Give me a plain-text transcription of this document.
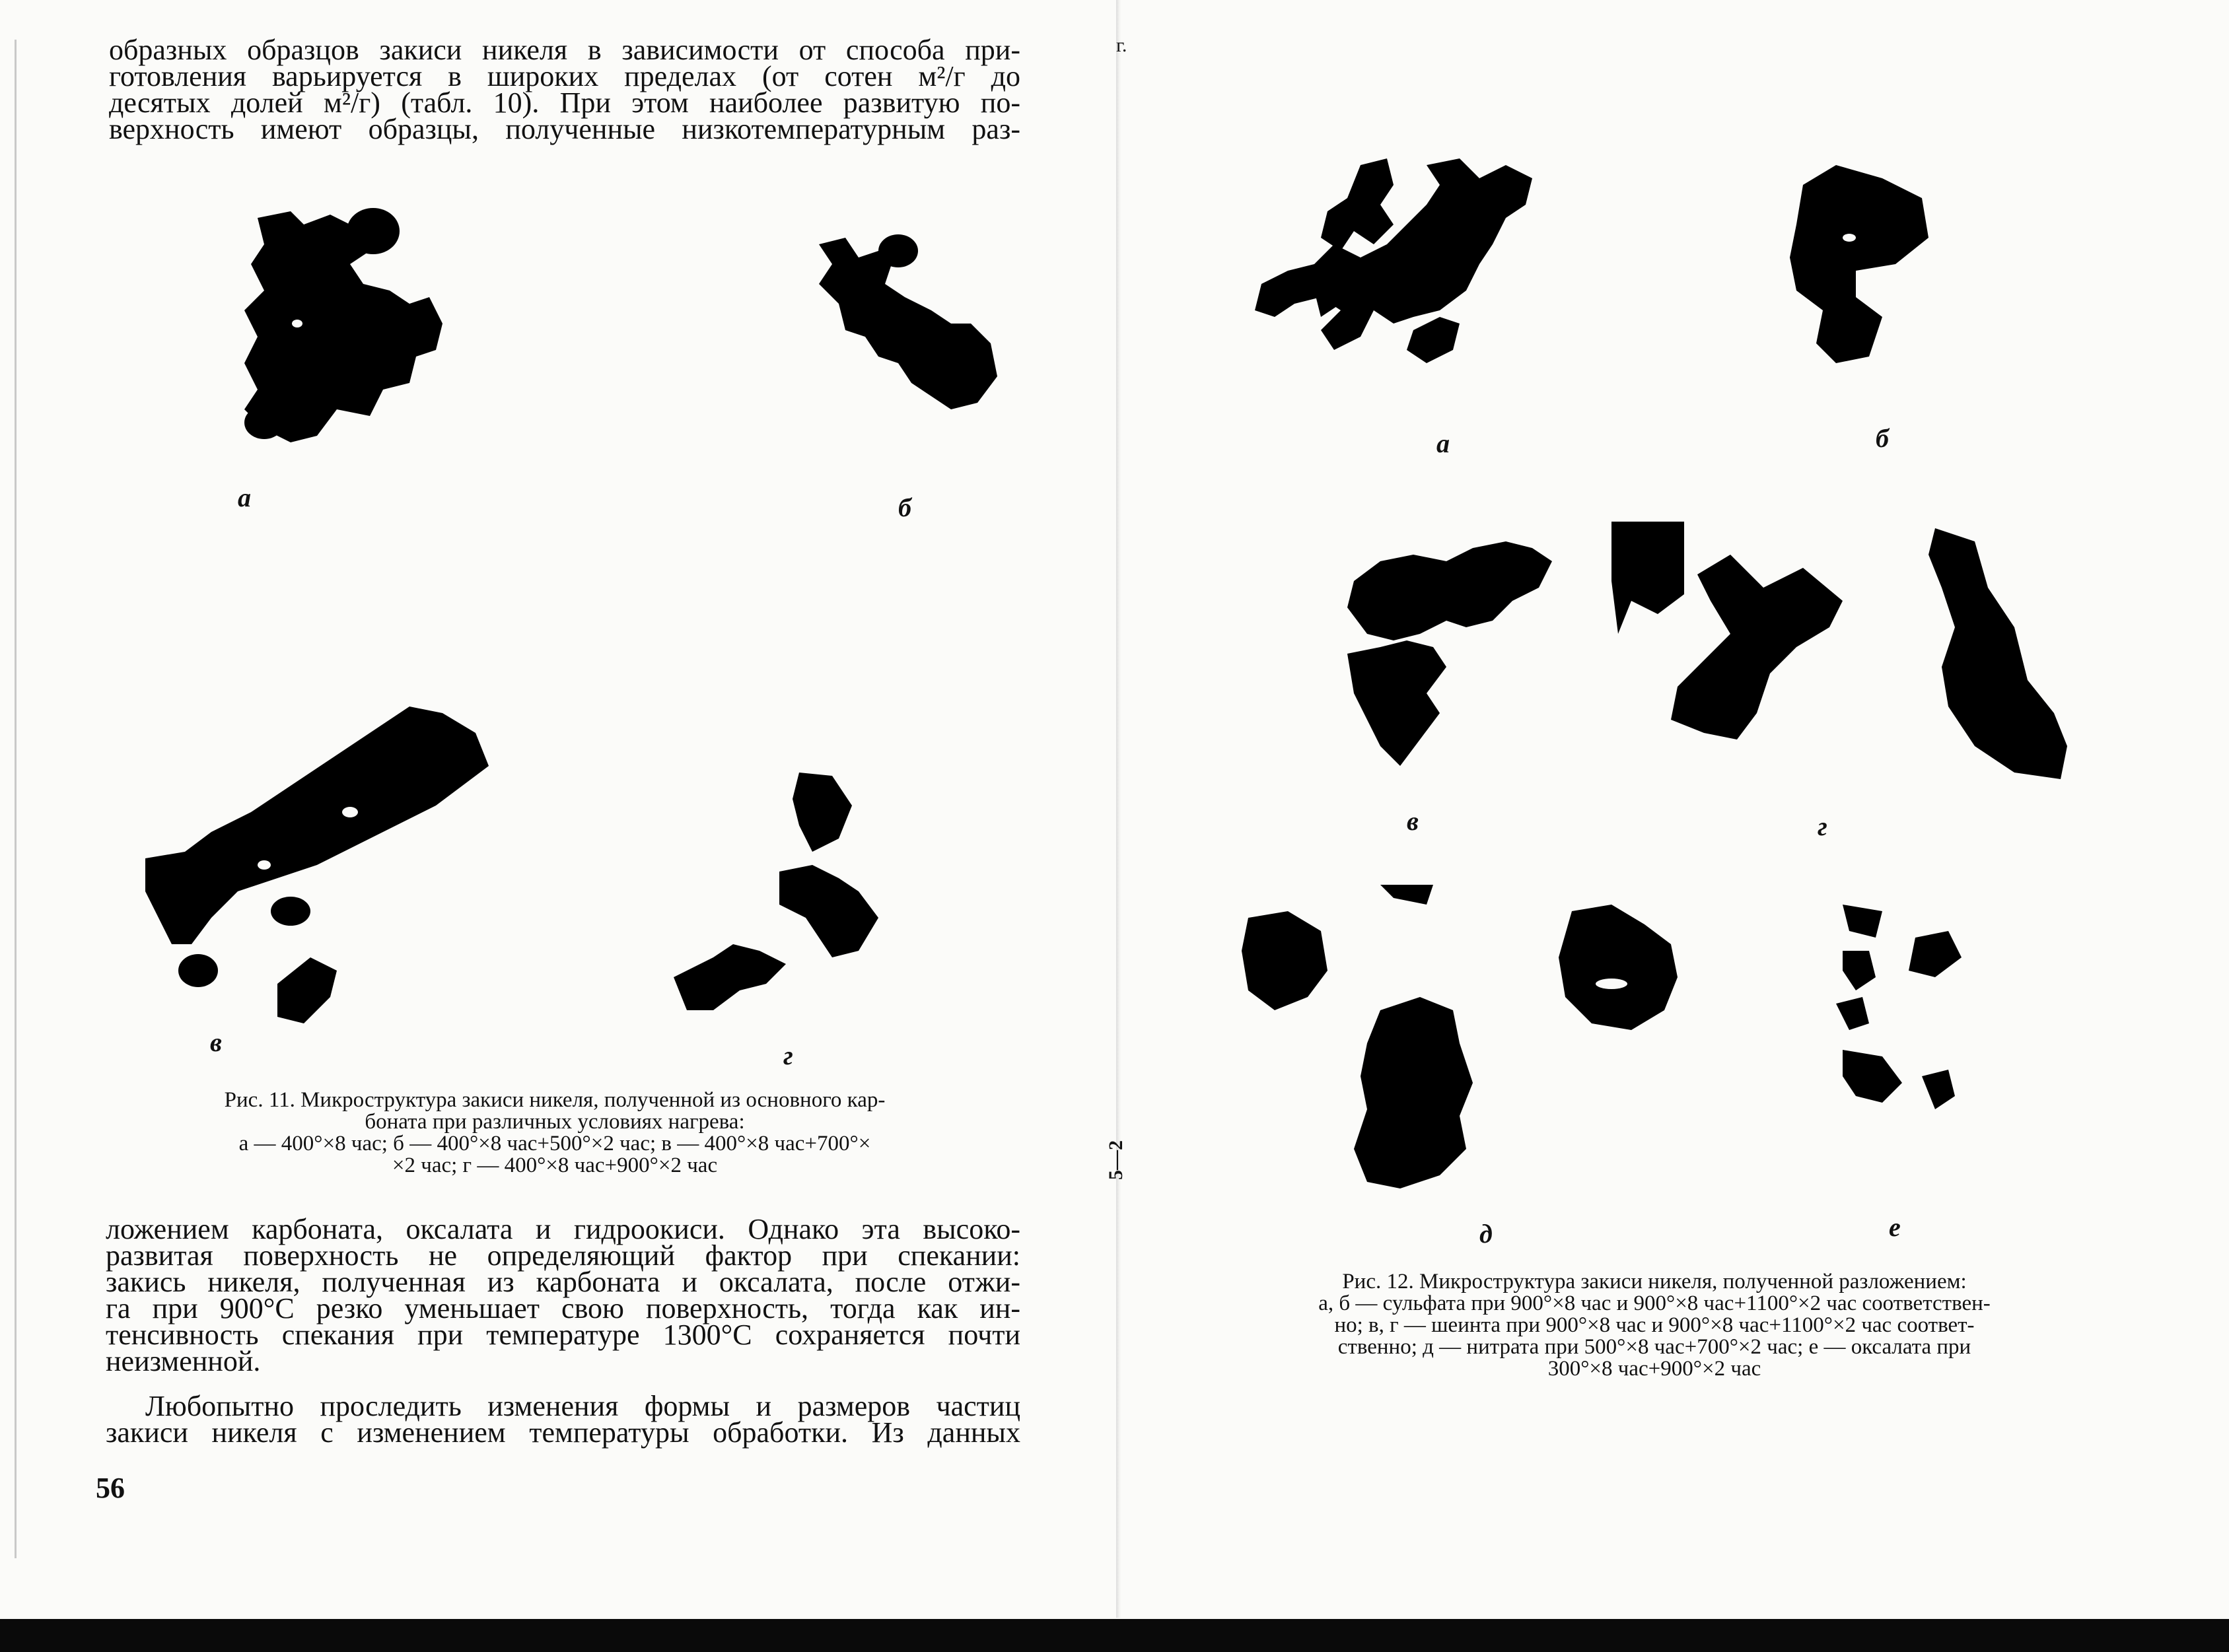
образных образцов закиси никеля в зависимости от способа при-
готовления варьируется в широких пределах (от сотен м²/г до
десятых долей м²/г) (табл. 10). При этом наиболее развитую по-
верхность имеют образцы, полученные низкотемпературным раз-
а	б
в	г
Рис. 11. Микроструктура закиси никеля, полученной из основного кар-
боната при различных условиях нагрева:
а — 400°×8 час; б — 400°×8 час+500°×2 час; в — 400°×8 час+700°×
×2 час; г — 400°×8 час+900°×2 час
ложением карбоната, оксалата и гидроокиси. Однако эта высоко-
развитая поверхность не определяющий фактор при спекании:
закись никеля, полученная из карбоната и оксалата, после отжи-
га при 900°С резко уменьшает свою поверхность, тогда как ин-
тенсивность спекания при температуре 1300°С сохраняется почти
неизменной.
Любопытно проследить изменения формы и размеров частиц
закиси никеля с изменением температуры обработки. Из данных
56
г.
5—2
а	б
в	г
д	е
Рис. 12. Микроструктура закиси никеля, полученной разложением:
а, б — сульфата при 900°×8 час и 900°×8 час+1100°×2 час соответствен-
но; в, г — шеинта при 900°×8 час и 900°×8 час+1100°×2 час соответ-
ственно; д — нитрата при 500°×8 час+700°×2 час; е — оксалата при
300°×8 час+900°×2 час
